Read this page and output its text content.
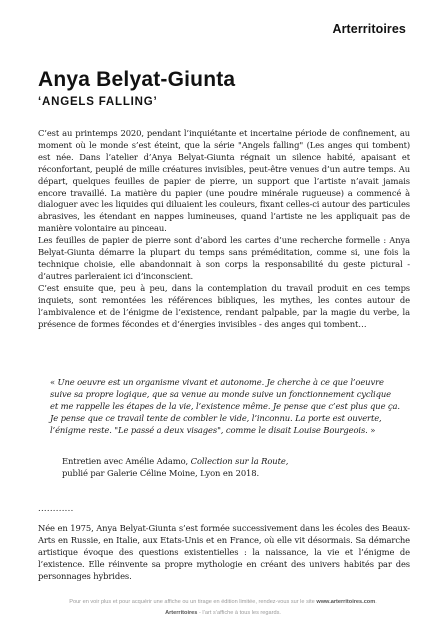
Arterritoires
Anya Belyat-Giunta
‘ANGELS FALLING’

C’est au printemps 2020, pendant l’inquiétante et incertaine période de confinement, au moment où le monde s’est éteint, que la série "Angels falling" (Les anges qui tombent) est née. Dans l’atelier d’Anya Belyat-Giunta régnait un silence habité, apaisant et réconfortant, peuplé de mille créatures invisibles, peut-être venues d’un autre temps. Au départ, quelques feuilles de papier de pierre, un support que l’artiste n’avait jamais encore travaillé. La matière du papier (une poudre minérale rugueuse) a commencé à dialoguer avec les liquides qui diluaient les couleurs, fixant celles-ci autour des particules abrasives, les étendant en nappes lumineuses, quand l’artiste ne les appliquait pas de manière volontaire au pinceau.

Les feuilles de papier de pierre sont d’abord les cartes d’une recherche formelle : Anya Belyat-Giunta démarre la plupart du temps sans préméditation, comme si, une fois la technique choisie, elle abandonnait à son corps la responsabilité du geste pictural - d’autres parleraient ici d’inconscient.

C’est ensuite que, peu à peu, dans la contemplation du travail produit en ces temps inquiets, sont remontées les références bibliques, les mythes, les contes autour de l’ambivalence et de l’énigme de l’existence, rendant palpable, par la magie du verbe, la présence de formes fécondes et d’énergies invisibles - des anges qui tombent…

« Une oeuvre est un organisme vivant et autonome. Je cherche à ce que l’oeuvre suive sa propre logique, que sa venue au monde suive un fonctionnement cyclique et me rappelle les étapes de la vie, l’existence même. Je pense que c’est plus que ça. Je pense que ce travail tente de combler le vide, l’inconnu. La porte est ouverte, l’énigme reste. "Le passé a deux visages", comme le disait Louise Bourgeois. »

Entretien avec Amélie Adamo, Collection sur la Route,
publié par Galerie Céline Moine, Lyon en 2018.
............

Née en 1975, Anya Belyat-Giunta s’est formée successivement dans les écoles des Beaux-Arts en Russie, en Italie, aux Etats-Unis et en France, où elle vit désormais. Sa démarche artistique évoque des questions existentielles : la naissance, la vie et l’énigme de l’existence. Elle réinvente sa propre mythologie en créant des univers habités par des personnages hybrides.

Pour en voir plus et pour acquérir une affiche ou un tirage en édition limitée, rendez-vous sur le site www.arterritoires.com.
Arterritoires - l’art s’affiche à tous les regards.
